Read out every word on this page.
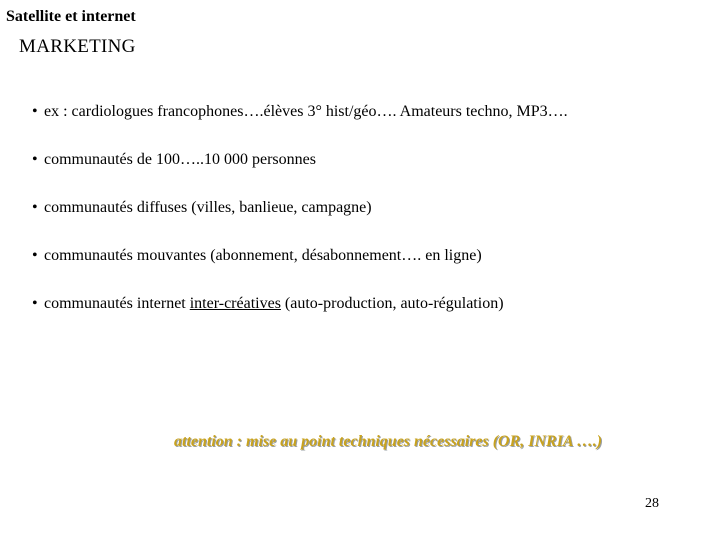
Satellite et internet
MARKETING
• ex : cardiologues francophones….élèves 3° hist/géo…. Amateurs techno, MP3….
• communautés de 100…..10 000 personnes
• communautés diffuses (villes, banlieue, campagne)
• communautés mouvantes (abonnement, désabonnement…. en ligne)
• communautés internet inter-créatives (auto-production, auto-régulation)
attention : mise au point techniques nécessaires (OR, INRIA ….)
28
